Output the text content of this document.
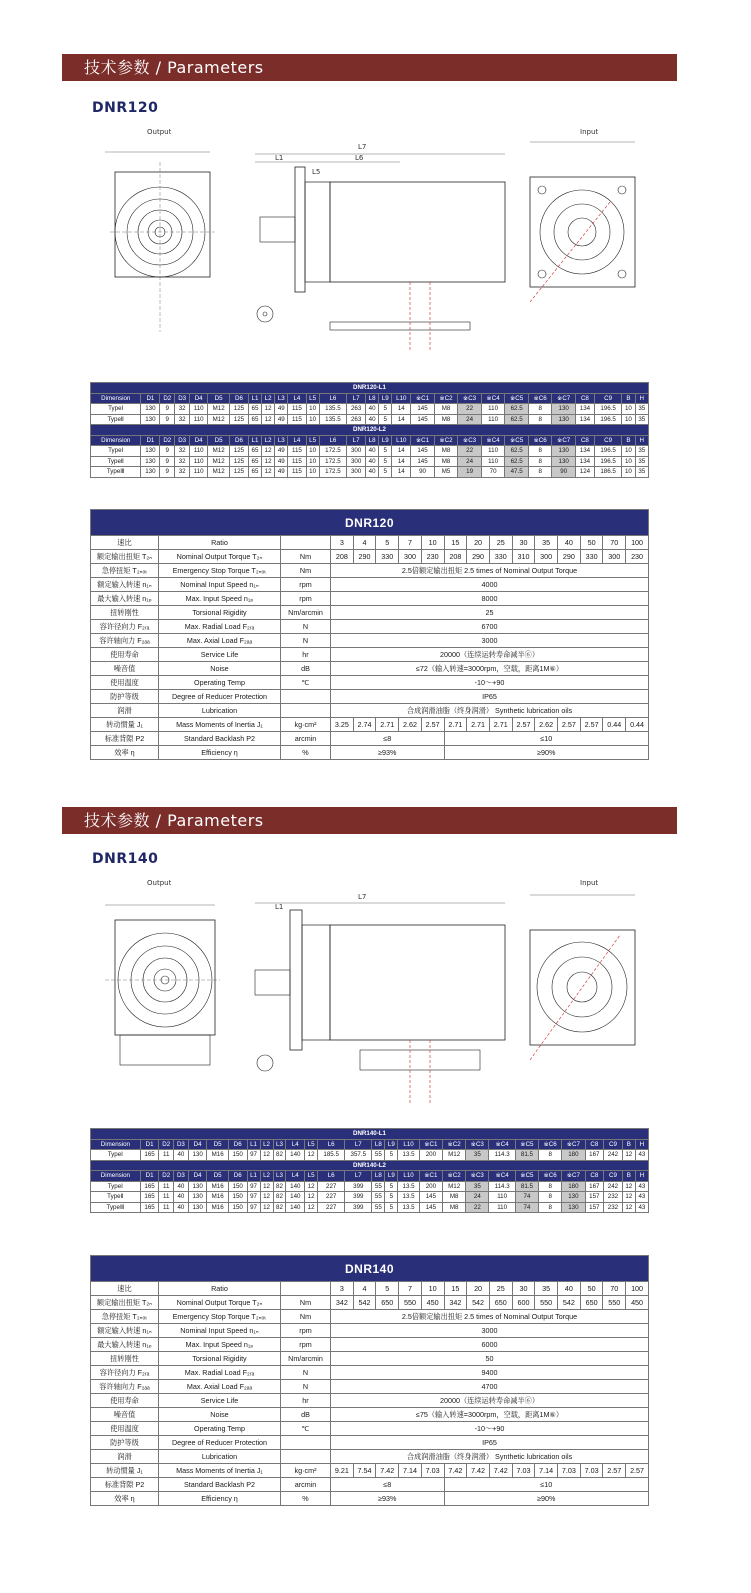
技术参数 / Parameters
DNR120
Output
L7
L6
L1
L5
Input
DNR120-L1																											
Dimension	D1	D2	D3	D4	D5	D6	L1	L2	L3	L4	L5	L6	L7	L8	L9	L10	※C1	※C2	※C3	※C4	※C5	※C6	※C7	C8	C9	B	H
TypeⅠ	130	9	32	110	M12	125	65	12	49	115	10	135.5	263	40	5	14	145	M8	22	110	62.5	8	130	134	196.5	10	35
TypeⅡ	130	9	32	110	M12	125	65	12	49	115	10	135.5	263	40	5	14	145	M8	24	110	62.5	8	130	134	196.5	10	35
DNR120-L2																											
Dimension	D1	D2	D3	D4	D5	D6	L1	L2	L3	L4	L5	L6	L7	L8	L9	L10	※C1	※C2	※C3	※C4	※C5	※C6	※C7	C8	C9	B	H
TypeⅠ	130	9	32	110	M12	125	65	12	49	115	10	172.5	300	40	5	14	145	M8	22	110	62.5	8	130	134	196.5	10	35
TypeⅡ	130	9	32	110	M12	125	65	12	49	115	10	172.5	300	40	5	14	145	M8	24	110	62.5	8	130	134	196.5	10	35
TypeⅢ	130	9	32	110	M12	125	65	12	49	115	10	172.5	300	40	5	14	90	M5	19	70	47.5	8	90	124	186.5	10	35
DNR120																
速比	Ratio		3	4	5	7	10	15	20	25	30	35	40	50	70	100
额定输出扭矩 T₂ₙ	Nominal Output Torque T₂ₙ	Nm	208	290	330	300	230	208	290	330	310	300	290	330	300	230
急停扭矩 T₂ₙₒₜ	Emergency Stop Torque T₂ₙₒₜ	Nm	2.5倍额定输出扭矩 2.5 times of Nominal Output Torque													
额定输入转速 n₁ₙ	Nominal Input Speed n₁ₙ	rpm	4000													
最大输入转速 n₁ₚ	Max. Input Speed n₁ₚ	rpm	8000													
扭转刚性	Torsional Rigidity	Nm/arcmin	25													
容许径向力 F₂ᵣₐ	Max. Radial Load F₂ᵣₐ	N	6700													
容许轴向力 F₂ₐₐ	Max. Axial Load F₂ₐₐ	N	3000													
使用寿命	Service Life	hr	20000（连续运转寿命减半⑥）													
噪音值	Noise	dB	≤72（输入转速=3000rpm，空载，距离1M⑥）													
使用温度	Operating Temp	℃	-10～+90													
防护等级	Degree of Reducer Protection		IP65													
润滑	Lubrication		合成润滑油脂（终身润滑） Synthetic lubrication oils													
转动惯量 J₁	Mass Moments of Inertia J₁	kg·cm²	3.25	2.74	2.71	2.62	2.57	2.71	2.71	2.71	2.57	2.62	2.57	2.57	0.44	0.44
标准背隙 P2	Standard Backlash P2	arcmin	≤8					≤10								
效率 η	Efficiency η	%	≥93%					≥90%								
技术参数 / Parameters
DNR140
Output
L7
L1
Input
DNR140-L1																											
Dimension	D1	D2	D3	D4	D5	D6	L1	L2	L3	L4	L5	L6	L7	L8	L9	L10	※C1	※C2	※C3	※C4	※C5	※C6	※C7	C8	C9	B	H
TypeⅠ	165	11	40	130	M16	150	97	12	82	140	12	185.5	357.5	55	5	13.5	200	M12	35	114.3	81.5	8	180	167	242	12	43
DNR140-L2																											
Dimension	D1	D2	D3	D4	D5	D6	L1	L2	L3	L4	L5	L6	L7	L8	L9	L10	※C1	※C2	※C3	※C4	※C5	※C6	※C7	C8	C9	B	H
TypeⅠ	165	11	40	130	M16	150	97	12	82	140	12	227	399	55	5	13.5	200	M12	35	114.3	81.5	8	180	167	242	12	43
TypeⅡ	165	11	40	130	M16	150	97	12	82	140	12	227	399	55	5	13.5	145	M8	24	110	74	8	130	157	232	12	43
TypeⅢ	165	11	40	130	M16	150	97	12	82	140	12	227	399	55	5	13.5	145	M8	22	110	74	8	130	157	232	12	43
DNR140																
速比	Ratio		3	4	5	7	10	15	20	25	30	35	40	50	70	100
额定输出扭矩 T₂ₙ	Nominal Output Torque T₂ₙ	Nm	342	542	650	550	450	342	542	650	600	550	542	650	550	450
急停扭矩 T₂ₙₒₜ	Emergency Stop Torque T₂ₙₒₜ	Nm	2.5倍额定输出扭矩 2.5 times of Nominal Output Torque													
额定输入转速 n₁ₙ	Nominal Input Speed n₁ₙ	rpm	3000													
最大输入转速 n₁ₚ	Max. Input Speed n₁ₚ	rpm	6000													
扭转刚性	Torsional Rigidity	Nm/arcmin	50													
容许径向力 F₂ᵣₐ	Max. Radial Load F₂ᵣₐ	N	9400													
容许轴向力 F₂ₐₐ	Max. Axial Load F₂ₐₐ	N	4700													
使用寿命	Service Life	hr	20000（连续运转寿命减半⑥）													
噪音值	Noise	dB	≤75（输入转速=3000rpm，空载，距离1M⑥）													
使用温度	Operating Temp	℃	-10～+90													
防护等级	Degree of Reducer Protection		IP65													
润滑	Lubrication		合成润滑油脂（终身润滑） Synthetic lubrication oils													
转动惯量 J₁	Mass Moments of Inertia J₁	kg·cm²	9.21	7.54	7.42	7.14	7.03	7.42	7.42	7.42	7.03	7.14	7.03	7.03	2.57	2.57
标准背隙 P2	Standard Backlash P2	arcmin	≤8					≤10								
效率 η	Efficiency η	%	≥93%					≥90%								
